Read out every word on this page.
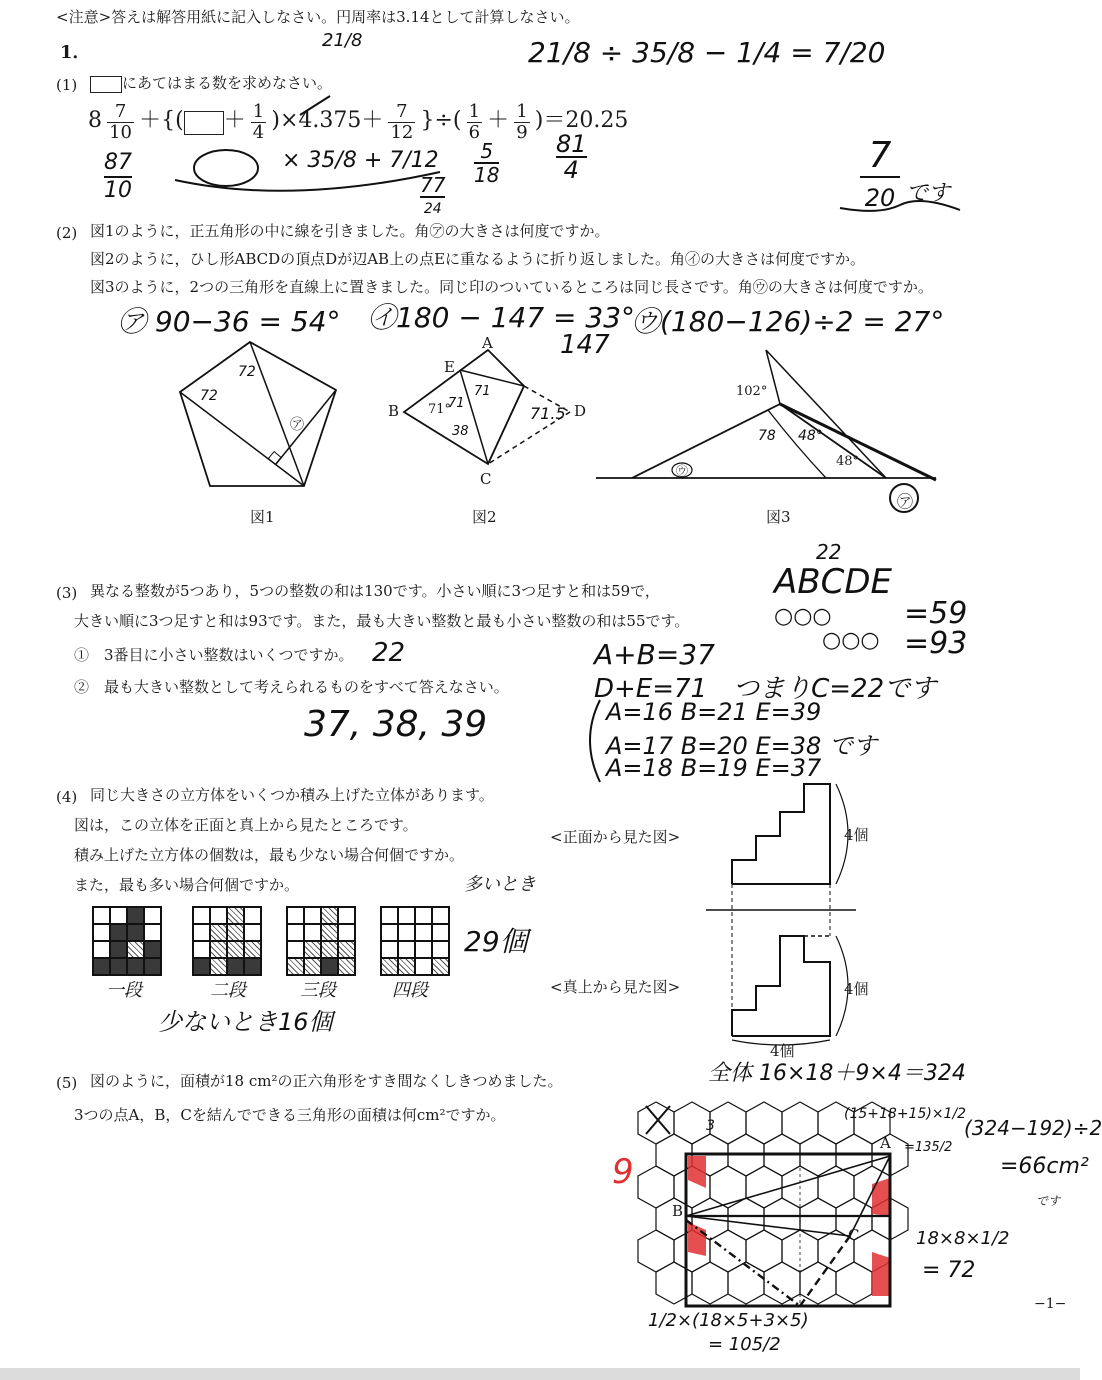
<注意>答えは解答用紙に記入しなさい。円周率は3.14として計算しなさい。
1．
(1)	にあてはまる数を求めなさい。
$8 \frac{7}{10}$ ＋{( ＋ $\frac{1}{4} )\times 4.375+ \frac{7}{12}$ }÷( $\frac{1}{6} + \frac{1}{9} )=20.25$
21/8	21/8 ÷ 35/8 − 1/4 = 7/20
87
10
× 35/8 + 7/12
77
24
5
18
81
4	7
20 です
(2) 図1のように，正五角形の中に線を引きました。角㋐の大きさは何度ですか。
図2のように，ひし形ABCDの頂点Dが辺AB上の点Eに重なるように折り返しました。角㋑の大きさは何度ですか。
図3のように，2つの三角形を直線上に置きました。同じ印のついているところは同じ長さです。角㋒の大きさは何度ですか。
㋐ 90−36 = 54° ㋑180 − 147 = 33°
㋒(180−126)÷2 = 27°
147
72
72
㋐
図1
A
B
C
D
E
71°
71
71
38
71.5
図2
102°
48°
78 48°
㋒
㋐
図3
(3) 異なる整数が5つあり，5つの整数の和は130です。小さい順に3つ足すと和は59で，
大きい順に3つ足すと和は93です。また，最も大きい整数と最も小さい整数の和は55です。
①　3番目に小さい整数はいくつですか。
②　最も大きい整数として考えられるものをすべて答えなさい。
22
37, 38, 39
22
ABCDE
○○○ =59
○○○ =93
A+B=37
D+E=71　つまりC=22です
A=16 B=21 E=39
A=17 B=20 E=38 です
A=18 B=19 E=37
(4) 同じ大きさの立方体をいくつか積み上げた立体があります。
図は，この立体を正面と真上から見たところです。
積み上げた立方体の個数は，最も少ない場合何個ですか。
また，最も多い場合何個ですか。
<正面から見た図>
<真上から見た図>
4個
4個
4個
一段	二段	三段	四段
多いとき
29個
少ないとき16個
(5) 図のように，面積が18 cm²の正六角形をすき間なくしきつめました。
3つの点A，B，Cを結んでできる三角形の面積は何cm²ですか。
全体 16×18＋9×4＝324
A
B
C
9
3
(15+18+15)×1/2
=135/2
(324−192)÷2
=66cm²
です
18×8×1/2
= 72
1/2×(18×5+3×5)
= 105/2
−1−
